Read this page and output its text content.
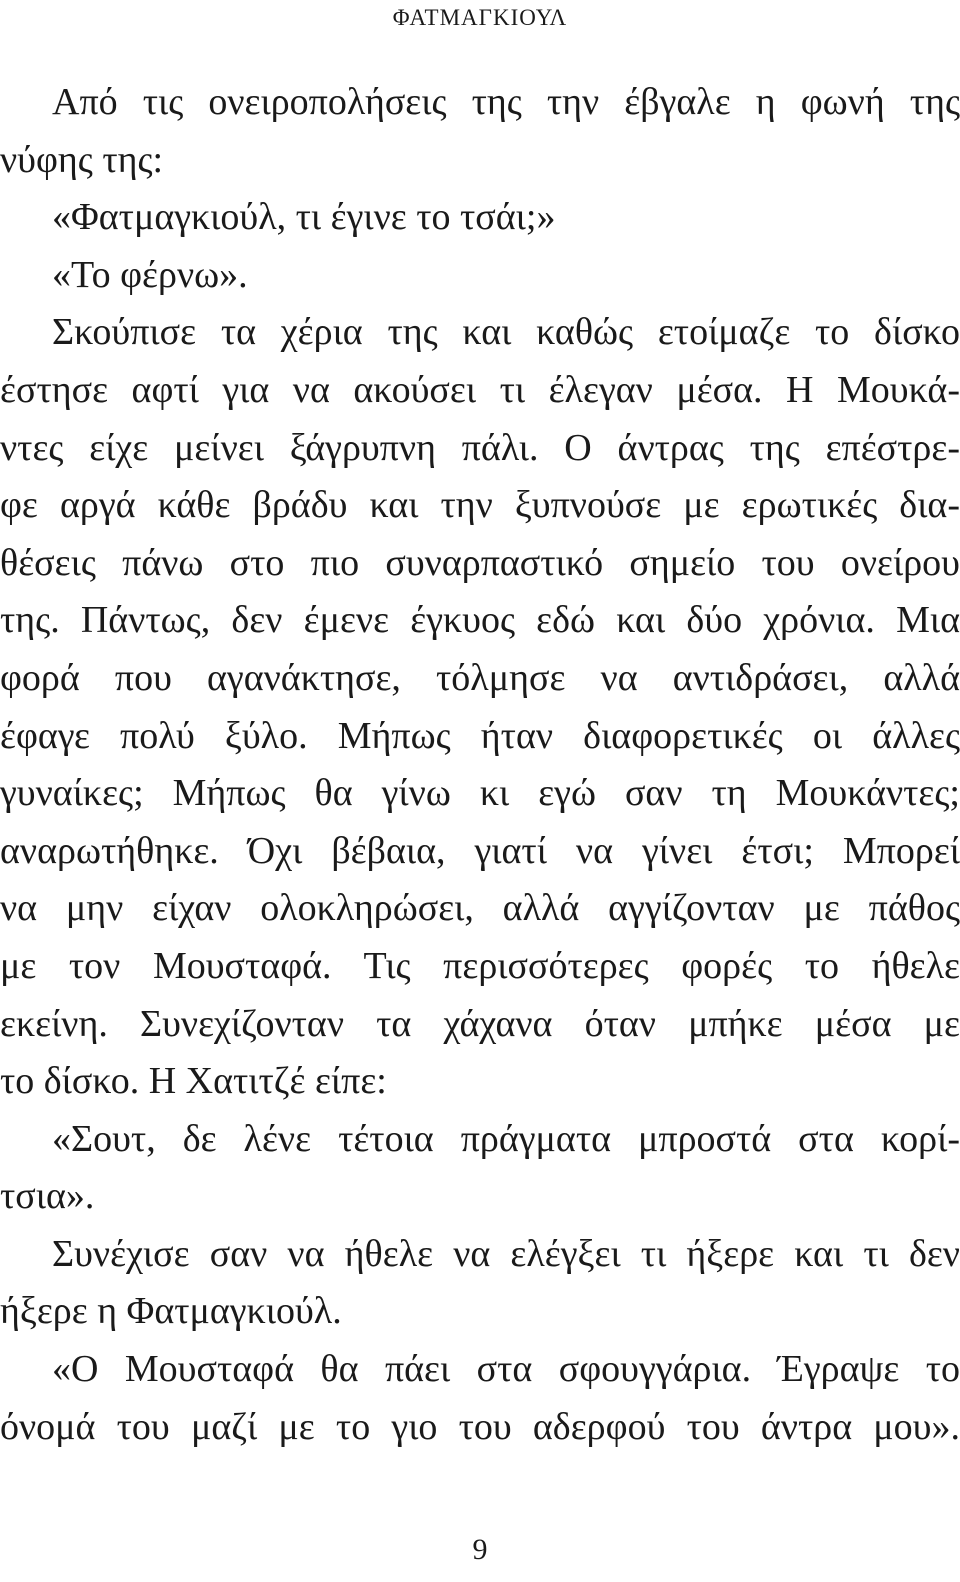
ΦΑΤΜΑΓΚΙΟΥΛ
Από τις ονειροπολήσεις της την έβγαλε η φωνή της
νύφης της:
«Φατμαγκιούλ, τι έγινε το τσάι;»
«Το φέρνω».
Σκούπισε τα χέρια της και καθώς ετοίμαζε το δίσκο
έστησε αφτί για να ακούσει τι έλεγαν μέσα. Η Μουκά-
ντες είχε μείνει ξάγρυπνη πάλι. Ο άντρας της επέστρε-
φε αργά κάθε βράδυ και την ξυπνούσε με ερωτικές δια-
θέσεις πάνω στο πιο συναρπαστικό σημείο του ονείρου
της. Πάντως, δεν έμενε έγκυος εδώ και δύο χρόνια. Μια
φορά που αγανάκτησε, τόλμησε να αντιδράσει, αλλά
έφαγε πολύ ξύλο. Μήπως ήταν διαφορετικές οι άλλες
γυναίκες; Μήπως θα γίνω κι εγώ σαν τη Μουκάντες;
αναρωτήθηκε. Όχι βέβαια, γιατί να γίνει έτσι; Μπορεί
να μην είχαν ολοκληρώσει, αλλά αγγίζονταν με πάθος
με τον Μουσταφά. Τις περισσότερες φορές το ήθελε
εκείνη. Συνεχίζονταν τα χάχανα όταν μπήκε μέσα με
το δίσκο. Η Χατιτζέ είπε:
«Σουτ, δε λένε τέτοια πράγματα μπροστά στα κορί-
τσια».
Συνέχισε σαν να ήθελε να ελέγξει τι ήξερε και τι δεν
ήξερε η Φατμαγκιούλ.
«Ο Μουσταφά θα πάει στα σφουγγάρια. Έγραψε το
όνομά του μαζί με το γιο του αδερφού του άντρα μου».
9
